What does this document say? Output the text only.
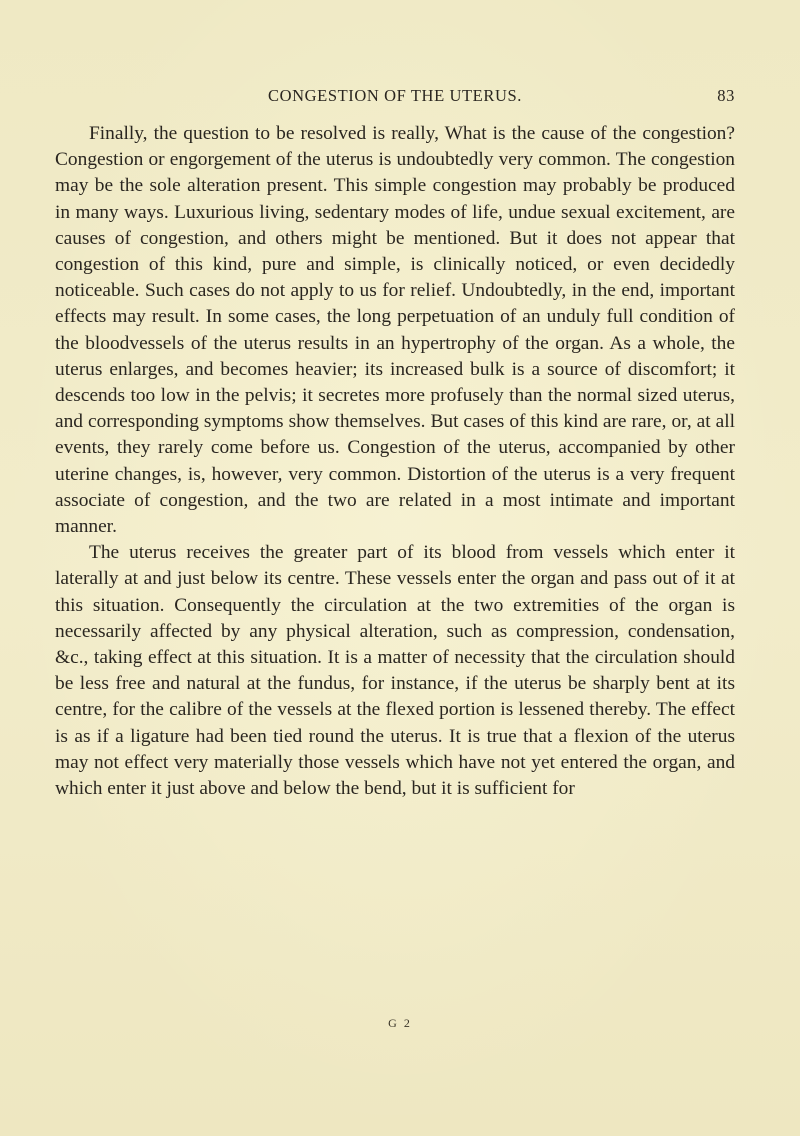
CONGESTION OF THE UTERUS.	83

Finally, the question to be resolved is really, What is the cause of the congestion? Congestion or engorgement of the uterus is undoubtedly very common. The congestion may be the sole alteration present. This simple congestion may probably be produced in many ways. Luxurious living, sedentary modes of life, undue sexual excitement, are causes of congestion, and others might be mentioned. But it does not appear that congestion of this kind, pure and simple, is clinically noticed, or even decidedly noticeable. Such cases do not apply to us for relief. Undoubtedly, in the end, important effects may result. In some cases, the long perpetuation of an unduly full condition of the bloodvessels of the uterus results in an hypertrophy of the organ. As a whole, the uterus enlarges, and becomes heavier; its increased bulk is a source of discomfort; it descends too low in the pelvis; it secretes more profusely than the normal sized uterus, and corresponding symptoms show themselves. But cases of this kind are rare, or, at all events, they rarely come before us. Congestion of the uterus, accompanied by other uterine changes, is, however, very common. Distortion of the uterus is a very frequent associate of congestion, and the two are related in a most intimate and important manner.

The uterus receives the greater part of its blood from vessels which enter it laterally at and just below its centre. These vessels enter the organ and pass out of it at this situation. Consequently the circulation at the two extremities of the organ is necessarily affected by any physical alteration, such as compression, condensation, &c., taking effect at this situation. It is a matter of necessity that the circulation should be less free and natural at the fundus, for instance, if the uterus be sharply bent at its centre, for the calibre of the vessels at the flexed portion is lessened thereby. The effect is as if a ligature had been tied round the uterus. It is true that a flexion of the uterus may not effect very materially those vessels which have not yet entered the organ, and which enter it just above and below the bend, but it is sufficient for

G 2
